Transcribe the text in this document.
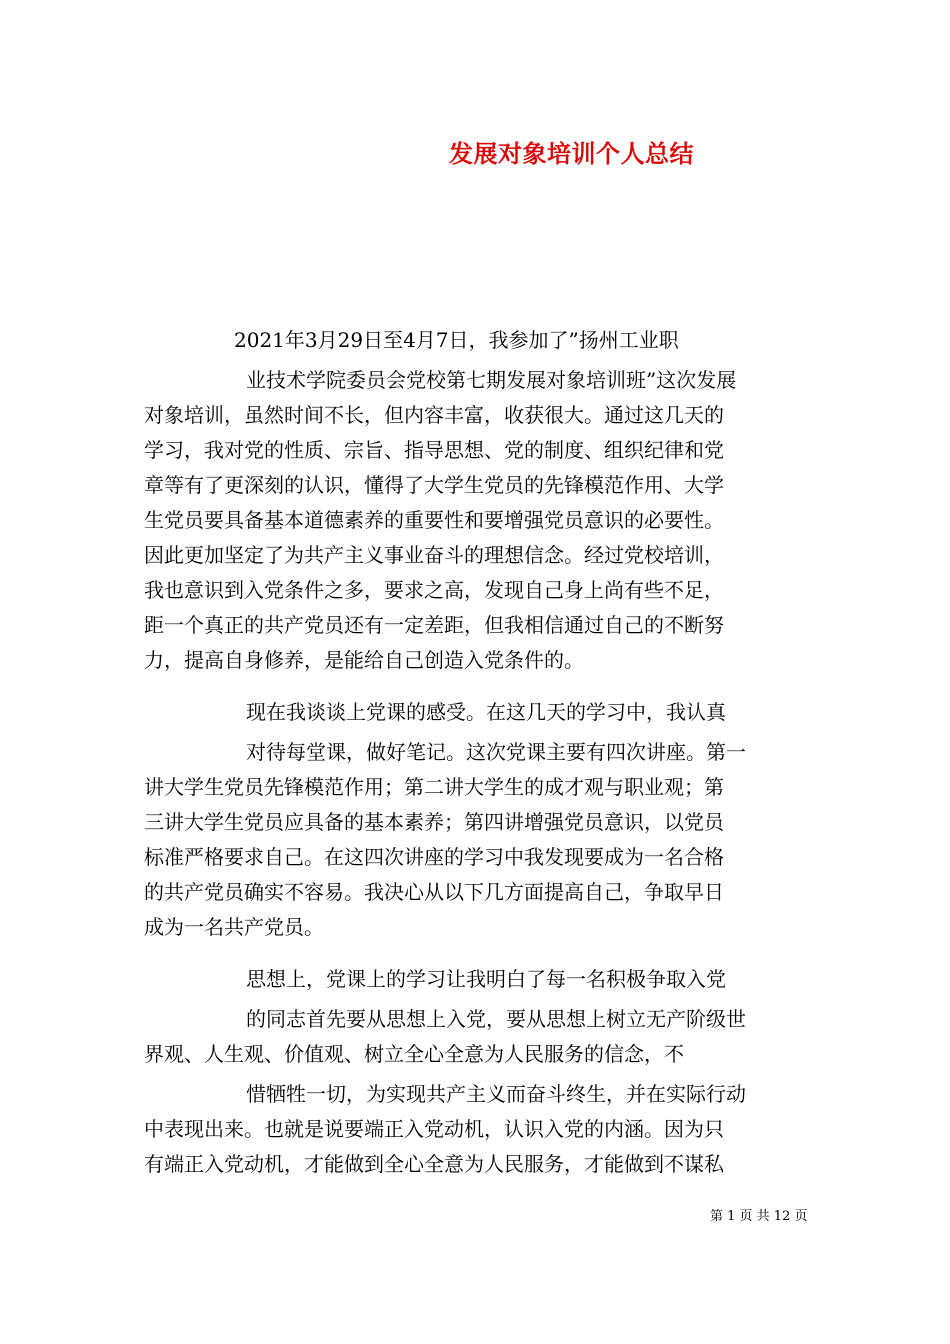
发展对象培训个人总结
2021年3月29日至4月7日，我参加了”扬州工业职
业技术学院委员会党校第七期发展对象培训班”这次发展
对象培训，虽然时间不长，但内容丰富，收获很大。通过这几天的
学习，我对党的性质、宗旨、指导思想、党的制度、组织纪律和党
章等有了更深刻的认识，懂得了大学生党员的先锋模范作用、大学
生党员要具备基本道德素养的重要性和要增强党员意识的必要性。
因此更加坚定了为共产主义事业奋斗的理想信念。经过党校培训，
我也意识到入党条件之多，要求之高，发现自己身上尚有些不足，
距一个真正的共产党员还有一定差距，但我相信通过自己的不断努
力，提高自身修养，是能给自己创造入党条件的。
现在我谈谈上党课的感受。在这几天的学习中，我认真
对待每堂课，做好笔记。这次党课主要有四次讲座。第一
讲大学生党员先锋模范作用；第二讲大学生的成才观与职业观；第
三讲大学生党员应具备的基本素养；第四讲增强党员意识，以党员
标准严格要求自己。在这四次讲座的学习中我发现要成为一名合格
的共产党员确实不容易。我决心从以下几方面提高自己，争取早日
成为一名共产党员。
思想上，党课上的学习让我明白了每一名积极争取入党
的同志首先要从思想上入党，要从思想上树立无产阶级世
界观、人生观、价值观、树立全心全意为人民服务的信念，不
惜牺牲一切，为实现共产主义而奋斗终生，并在实际行动
中表现出来。也就是说要端正入党动机，认识入党的内涵。因为只
有端正入党动机，才能做到全心全意为人民服务，才能做到不谋私
第 1 页 共 12 页
